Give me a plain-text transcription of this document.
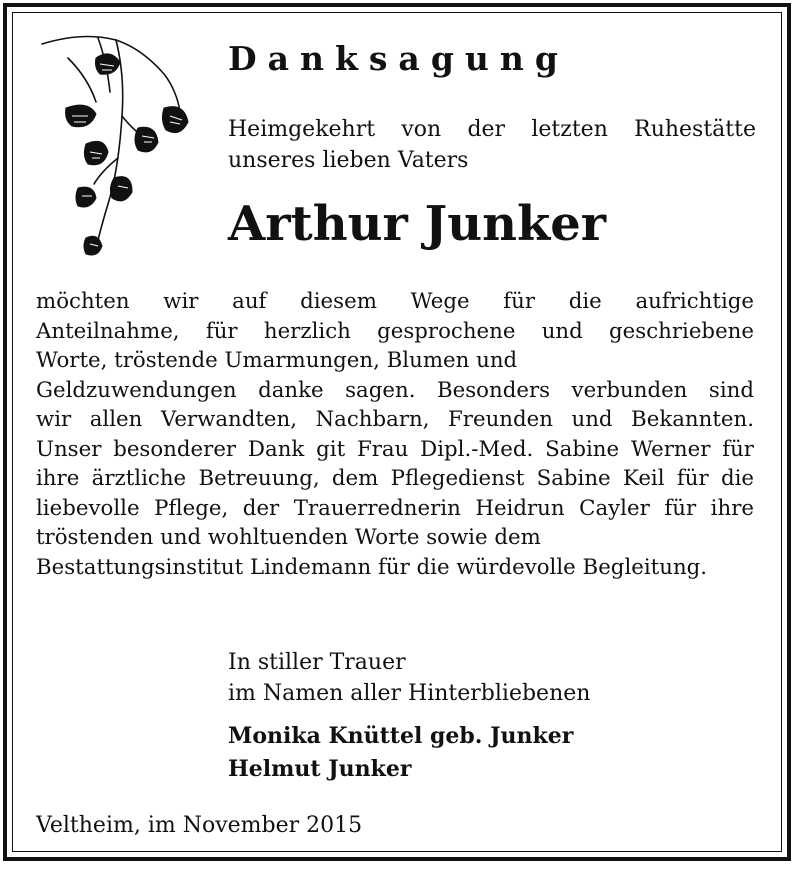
Danksagung
Heimgekehrt von der letzten Ruhestätte
unseres lieben Vaters
Arthur Junker
möchten wir auf diesem Wege für die aufrichtige
Anteilnahme, für herzlich gesprochene und geschriebene
Worte, tröstende Umarmungen, Blumen und
Geldzuwendungen danke sagen. Besonders verbunden sind
wir allen Verwandten, Nachbarn, Freunden und Bekannten.
Unser besonderer Dank git Frau Dipl.-Med. Sabine Werner für
ihre ärztliche Betreuung, dem Pflegedienst Sabine Keil für die
liebevolle Pflege, der Trauerrednerin Heidrun Cayler für ihre
tröstenden und wohltuenden Worte sowie dem
Bestattungsinstitut Lindemann für die würdevolle Begleitung.
In stiller Trauer
im Namen aller Hinterbliebenen
Monika Knüttel geb. Junker
Helmut Junker
Veltheim, im November 2015
